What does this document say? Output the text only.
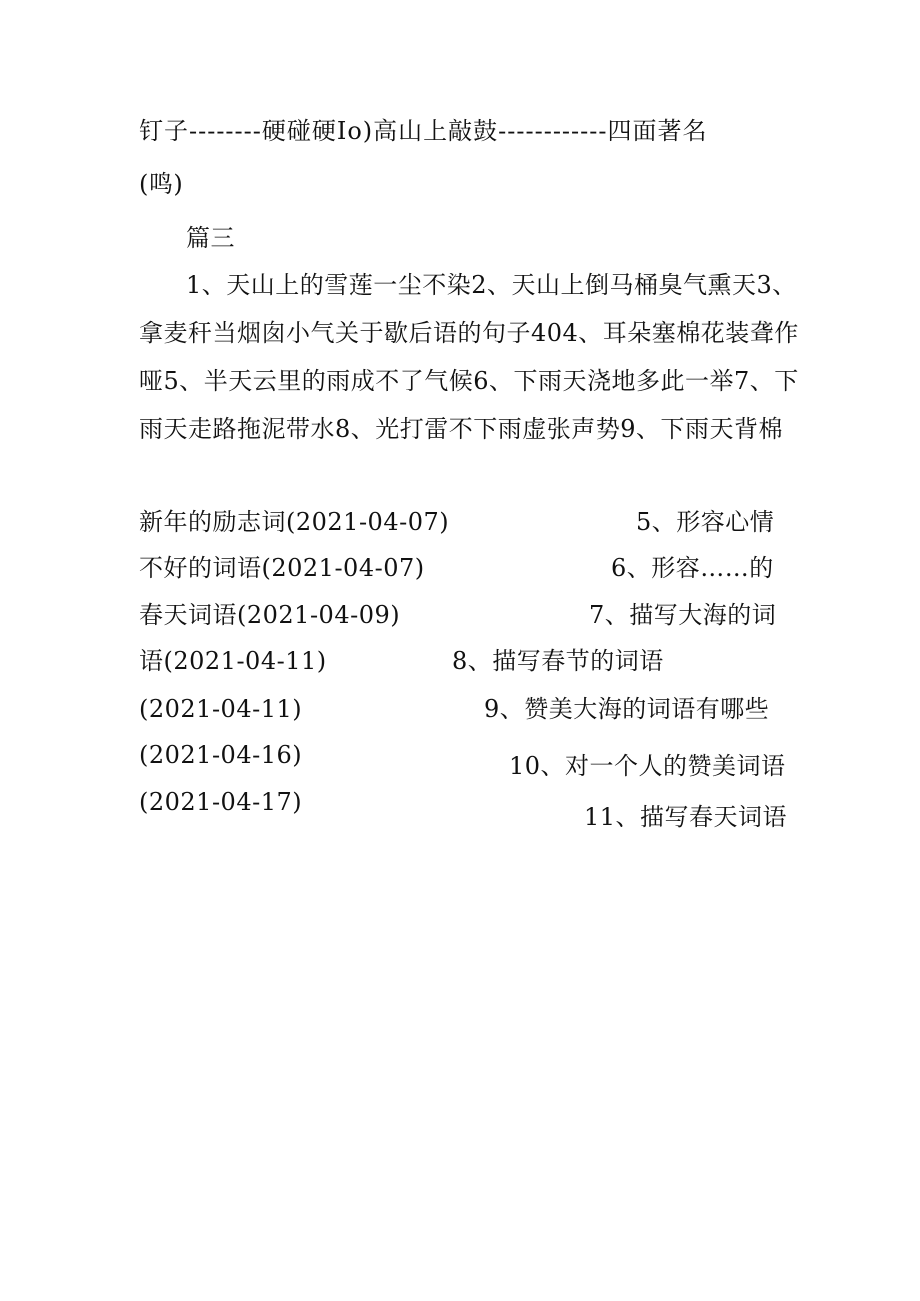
钉子--------硬碰硬Io)高山上敲鼓------------四面著名
(鸣)
篇三
1、天山上的雪莲一尘不染2、天山上倒马桶臭气熏天3、
拿麦秆当烟囱小气关于歇后语的句子404、耳朵塞棉花装聋作
哑5、半天云里的雨成不了气候6、下雨天浇地多此一举7、下
雨天走路拖泥带水8、光打雷不下雨虚张声势9、下雨天背棉
新年的励志词(2021-04-07)
不好的词语(2021-04-07)
春天词语(2021-04-09)
语(2021-04-11)
(2021-04-11)
(2021-04-16)
(2021-04-17)
5、形容心情
6、形容……的
7、描写大海的词
8、描写春节的词语
9、赞美大海的词语有哪些
10、对一个人的赞美词语
11、描写春天词语
